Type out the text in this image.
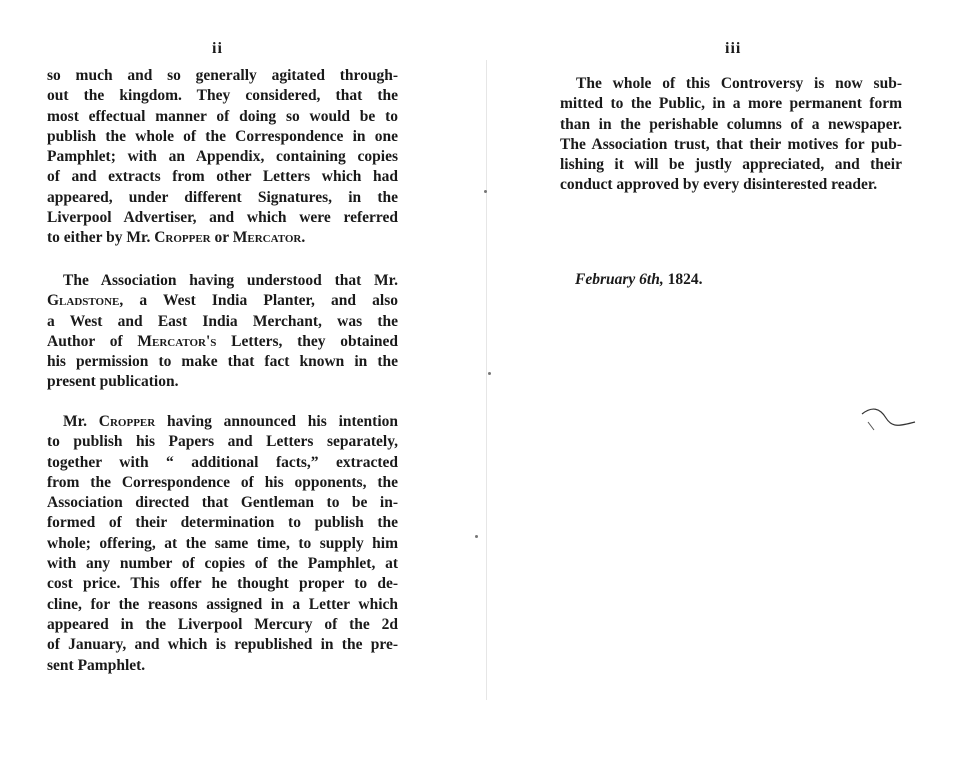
ii

so much and so generally agitated through-
out the kingdom. They considered, that the
most effectual manner of doing so would be to
publish the whole of the Correspondence in one
Pamphlet; with an Appendix, containing copies
of and extracts from other Letters which had
appeared, under different Signatures, in the
Liverpool Advertiser, and which were referred
to either by Mr. Cropper or Mercator.

The Association having understood that Mr.
Gladstone, a West India Planter, and also
a West and East India Merchant, was the
Author of Mercator's Letters, they obtained
his permission to make that fact known in the
present publication.

Mr. Cropper having announced his intention
to publish his Papers and Letters separately,
together with “ additional facts,” extracted
from the Correspondence of his opponents, the
Association directed that Gentleman to be in-
formed of their determination to publish the
whole; offering, at the same time, to supply him
with any number of copies of the Pamphlet, at
cost price. This offer he thought proper to de-
cline, for the reasons assigned in a Letter which
appeared in the Liverpool Mercury of the 2d
of January, and which is republished in the pre-
sent Pamphlet.

iii

The whole of this Controversy is now sub-
mitted to the Public, in a more permanent form
than in the perishable columns of a newspaper.
The Association trust, that their motives for pub-
lishing it will be justly appreciated, and their
conduct approved by every disinterested reader.

February 6th, 1824.
